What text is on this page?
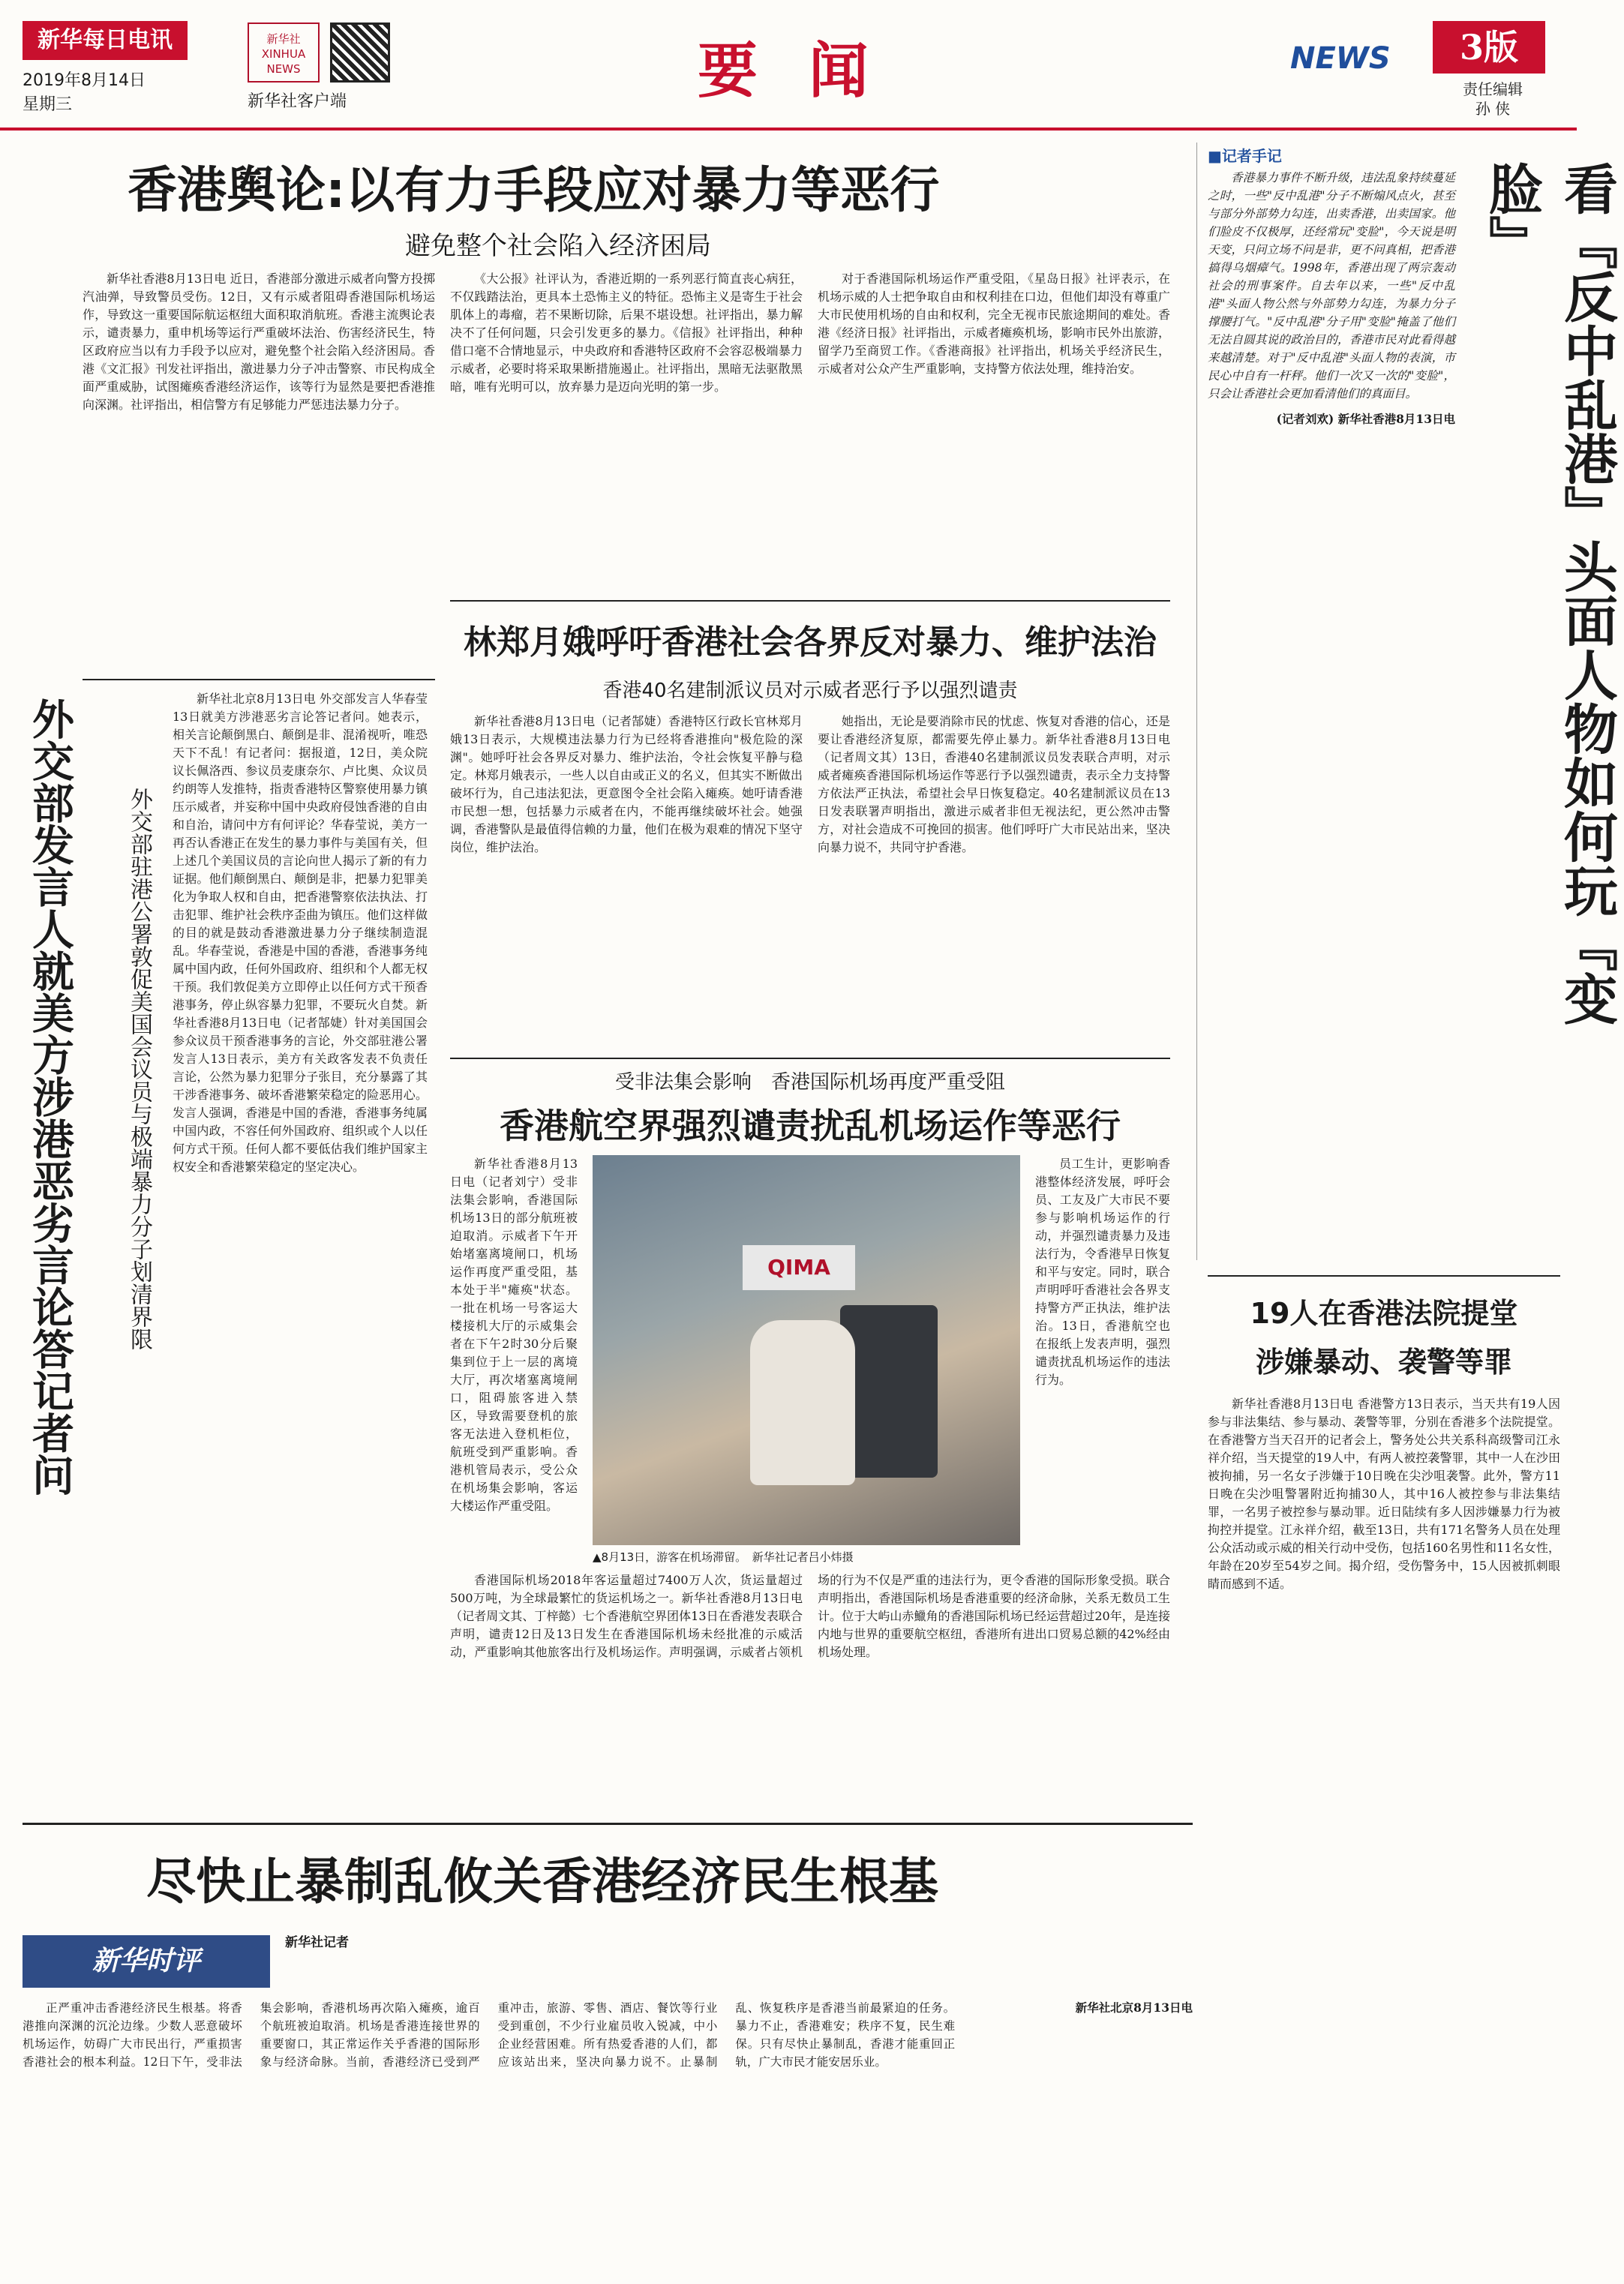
新华每日电讯
2019年8月14日
星期三
新华社 XINHUA NEWS
新华社客户端	要 闻	NEWS	3版
责任编辑
孙 侠
香港舆论:以有力手段应对暴力等恶行
避免整个社会陷入经济困局

新华社香港8月13日电 近日，香港部分激进示威者向警方投掷汽油弹，导致警员受伤。12日，又有示威者阻碍香港国际机场运作，导致这一重要国际航运枢纽大面积取消航班。香港主流舆论表示，谴责暴力，重申机场等运行严重破坏法治、伤害经济民生，特区政府应当以有力手段予以应对，避免整个社会陷入经济困局。香港《文汇报》刊发社评指出，激进暴力分子冲击警察、市民构成全面严重威胁，试图瘫痪香港经济运作，该等行为显然是要把香港推向深渊。社评指出，相信警方有足够能力严惩违法暴力分子。

《大公报》社评认为，香港近期的一系列恶行简直丧心病狂，不仅践踏法治，更具本土恐怖主义的特征。恐怖主义是寄生于社会肌体上的毒瘤，若不果断切除，后果不堪设想。社评指出，暴力解决不了任何问题，只会引发更多的暴力。《信报》社评指出，种种借口毫不合情地显示，中央政府和香港特区政府不会容忍极端暴力示威者，必要时将采取果断措施遏止。社评指出，黑暗无法驱散黑暗，唯有光明可以，放弃暴力是迈向光明的第一步。

对于香港国际机场运作严重受阻，《星岛日报》社评表示，在机场示威的人士把争取自由和权利挂在口边，但他们却没有尊重广大市民使用机场的自由和权利，完全无视市民旅途期间的难处。香港《经济日报》社评指出，示威者瘫痪机场，影响市民外出旅游，留学乃至商贸工作。《香港商报》社评指出，机场关乎经济民生，示威者对公众产生严重影响，支持警方依法处理，维持治安。

■记者手记

香港暴力事件不断升级，违法乱象持续蔓延之时，一些"反中乱港"分子不断煽风点火，甚至与部分外部势力勾连，出卖香港，出卖国家。他们脸皮不仅极厚，还经常玩"变脸"，今天说是明天变，只问立场不问是非，更不问真相，把香港搞得乌烟瘴气。1998年，香港出现了两宗轰动社会的刑事案件。自去年以来，一些"反中乱港"头面人物公然与外部势力勾连，为暴力分子撑腰打气。"反中乱港"分子用"变脸"掩盖了他们无法自圆其说的政治目的，香港市民对此看得越来越清楚。对于"反中乱港"头面人物的表演，市民心中自有一杆秤。他们一次又一次的"变脸"，只会让香港社会更加看清他们的真面目。

(记者刘欢) 新华社香港8月13日电	看『反中乱港』头面人物如何玩『变脸』
外交部发言人就美方涉港恶劣言论答记者问 外交部驻港公署敦促美国会议员与极端暴力分子划清界限

新华社北京8月13日电 外交部发言人华春莹13日就美方涉港恶劣言论答记者问。她表示，相关言论颠倒黑白、颠倒是非、混淆视听，唯恐天下不乱！有记者问：据报道，12日，美众院议长佩洛西、参议员麦康奈尔、卢比奥、众议员约朗等人发推特，指责香港特区警察使用暴力镇压示威者，并妄称中国中央政府侵蚀香港的自由和自治，请问中方有何评论？华春莹说，美方一再否认香港正在发生的暴力事件与美国有关，但上述几个美国议员的言论向世人揭示了新的有力证据。他们颠倒黑白、颠倒是非，把暴力犯罪美化为争取人权和自由，把香港警察依法执法、打击犯罪、维护社会秩序歪曲为镇压。他们这样做的目的就是鼓动香港激进暴力分子继续制造混乱。华春莹说，香港是中国的香港，香港事务纯属中国内政，任何外国政府、组织和个人都无权干预。我们敦促美方立即停止以任何方式干预香港事务，停止纵容暴力犯罪，不要玩火自焚。新华社香港8月13日电（记者郜婕）针对美国国会参众议员干预香港事务的言论，外交部驻港公署发言人13日表示，美方有关政客发表不负责任言论，公然为暴力犯罪分子张目，充分暴露了其干涉香港事务、破坏香港繁荣稳定的险恶用心。发言人强调，香港是中国的香港，香港事务纯属中国内政，不容任何外国政府、组织或个人以任何方式干预。任何人都不要低估我们维护国家主权安全和香港繁荣稳定的坚定决心。

林郑月娥呼吁香港社会各界反对暴力、维护法治
香港40名建制派议员对示威者恶行予以强烈谴责

新华社香港8月13日电（记者郜婕）香港特区行政长官林郑月娥13日表示，大规模违法暴力行为已经将香港推向"极危险的深渊"。她呼吁社会各界反对暴力、维护法治，令社会恢复平静与稳定。林郑月娥表示，一些人以自由或正义的名义，但其实不断做出破坏行为，自己违法犯法，更意图令全社会陷入瘫痪。她吁请香港市民想一想，包括暴力示威者在内，不能再继续破坏社会。她强调，香港警队是最值得信赖的力量，他们在极为艰难的情况下坚守岗位，维护法治。

她指出，无论是要消除市民的忧虑、恢复对香港的信心，还是要让香港经济复原，都需要先停止暴力。新华社香港8月13日电（记者周文其）13日，香港40名建制派议员发表联合声明，对示威者瘫痪香港国际机场运作等恶行予以强烈谴责，表示全力支持警方依法严正执法，希望社会早日恢复稳定。40名建制派议员在13日发表联署声明指出，激进示威者非但无视法纪，更公然冲击警方，对社会造成不可挽回的损害。他们呼吁广大市民站出来，坚决向暴力说不，共同守护香港。

受非法集会影响　香港国际机场再度严重受阻
香港航空界强烈谴责扰乱机场运作等恶行

新华社香港8月13日电（记者刘宁）受非法集会影响，香港国际机场13日的部分航班被迫取消。示威者下午开始堵塞离境闸口，机场运作再度严重受阻，基本处于半"瘫痪"状态。一批在机场一号客运大楼接机大厅的示威集会者在下午2时30分后聚集到位于上一层的离境大厅，再次堵塞离境闸口，阻碍旅客进入禁区，导致需要登机的旅客无法进入登机柜位，航班受到严重影响。香港机管局表示，受公众在机场集会影响，客运大楼运作严重受阻。

QIMA
▲8月13日，游客在机场滞留。　新华社记者吕小炜摄

员工生计，更影响香港整体经济发展，呼吁会员、工友及广大市民不要参与影响机场运作的行动，并强烈谴责暴力及违法行为，令香港早日恢复和平与安定。同时，联合声明呼吁香港社会各界支持警方严正执法，维护法治。13日，香港航空也在报纸上发表声明，强烈谴责扰乱机场运作的违法行为。

香港国际机场2018年客运量超过7400万人次，货运量超过500万吨，为全球最繁忙的货运机场之一。新华社香港8月13日电（记者周文其、丁梓懿）七个香港航空界团体13日在香港发表联合声明，谴责12日及13日发生在香港国际机场未经批准的示威活动，严重影响其他旅客出行及机场运作。声明强调，示威者占领机场的行为不仅是严重的违法行为，更令香港的国际形象受损。联合声明指出，香港国际机场是香港重要的经济命脉，关系无数员工生计。位于大屿山赤鱲角的香港国际机场已经运营超过20年，是连接内地与世界的重要航空枢纽，香港所有进出口贸易总额的42%经由机场处理。

19人在香港法院提堂
涉嫌暴动、袭警等罪

新华社香港8月13日电 香港警方13日表示，当天共有19人因参与非法集结、参与暴动、袭警等罪，分别在香港多个法院提堂。在香港警方当天召开的记者会上，警务处公共关系科高级警司江永祥介绍，当天提堂的19人中，有两人被控袭警罪，其中一人在沙田被拘捕，另一名女子涉嫌于10日晚在尖沙咀袭警。此外，警方11日晚在尖沙咀警署附近拘捕30人，其中16人被控参与非法集结罪，一名男子被控参与暴动罪。近日陆续有多人因涉嫌暴力行为被拘控并提堂。江永祥介绍，截至13日，共有171名警务人员在处理公众活动或示威的相关行动中受伤，包括160名男性和11名女性，年龄在20岁至54岁之间。揭介绍，受伤警务中，15人因被抓刺眼睛而感到不适。

尽快止暴制乱攸关香港经济民生根基
新华时评
新华社记者

正严重冲击香港经济民生根基。将香港推向深渊的沉沦边缘。少数人恶意破坏机场运作，妨碍广大市民出行，严重损害香港社会的根本利益。12日下午，受非法集会影响，香港机场再次陷入瘫痪，逾百个航班被迫取消。机场是香港连接世界的重要窗口，其正常运作关乎香港的国际形象与经济命脉。当前，香港经济已受到严重冲击，旅游、零售、酒店、餐饮等行业受到重创，不少行业雇员收入锐减，中小企业经营困难。所有热爱香港的人们，都应该站出来，坚决向暴力说不。止暴制乱、恢复秩序是香港当前最紧迫的任务。暴力不止，香港难安；秩序不复，民生难保。只有尽快止暴制乱，香港才能重回正轨，广大市民才能安居乐业。

新华社北京8月13日电
